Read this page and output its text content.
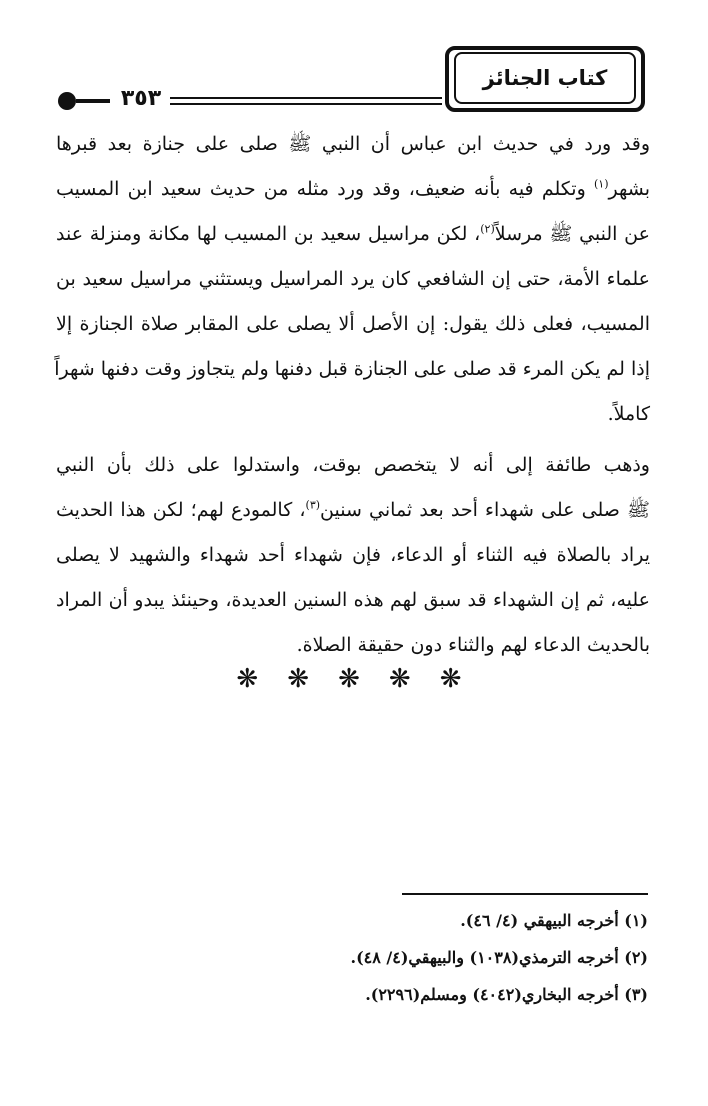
كتاب الجنائز
٣٥٣
وقد ورد في حديث ابن عباس أن النبي ﷺ صلى على جنازة بعد قبرها
بشهر$^{(١)}$ وتكلم فيه بأنه ضعيف، وقد ورد مثله من حديث سعيد ابن المسيب
عن النبي ﷺ مرسلاً$^{(٢)}$، لكن مراسيل سعيد بن المسيب لها مكانة ومنزلة عند
علماء الأمة، حتى إن الشافعي كان يرد المراسيل ويستثني مراسيل سعيد بن
المسيب، فعلى ذلك يقول: إن الأصل ألا يصلى على المقابر صلاة الجنازة إلا
إذا لم يكن المرء قد صلى على الجنازة قبل دفنها ولم يتجاوز وقت دفنها شهراً
كاملاً.
وذهب طائفة إلى أنه لا يتخصص بوقت، واستدلوا على ذلك بأن النبي
ﷺ صلى على شهداء أحد بعد ثماني سنين$^{(٣)}$، كالمودع لهم؛ لكن هذا الحديث
يراد بالصلاة فيه الثناء أو الدعاء، فإن شهداء أحد شهداء والشهيد لا يصلى
عليه، ثم إن الشهداء قد سبق لهم هذه السنين العديدة، وحينئذ يبدو أن المراد
بالحديث الدعاء لهم والثناء دون حقيقة الصلاة.
❋ ❋ ❋ ❋ ❋
(١) أخرجه البيهقي (٤/ ٤٦).
(٢) أخرجه الترمذي(١٠٣٨) والبيهقي(٤/ ٤٨).
(٣) أخرجه البخاري(٤٠٤٢) ومسلم(٢٢٩٦).
